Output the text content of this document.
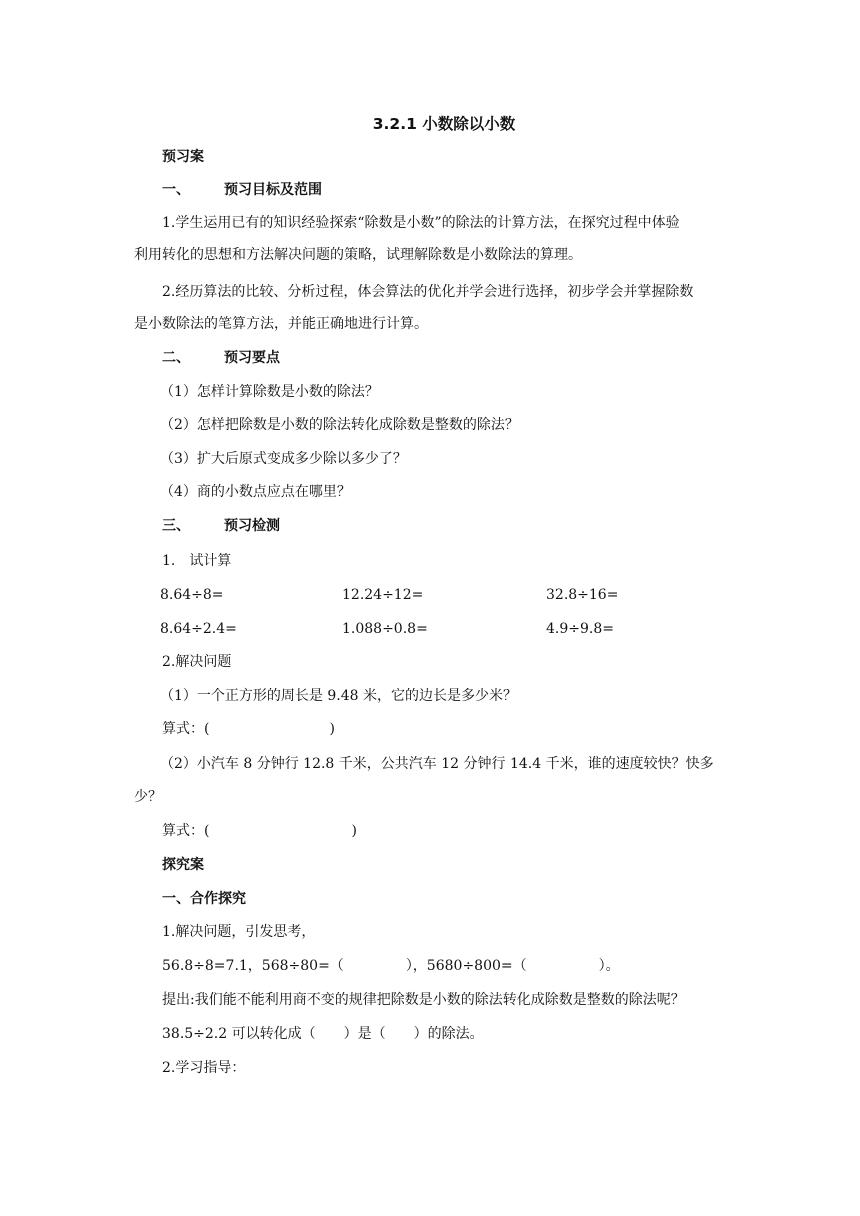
3.2.1 小数除以小数
预习案
一、 预习目标及范围
1.学生运用已有的知识经验探索“除数是小数”的除法的计算方法，在探究过程中体验
利用转化的思想和方法解决问题的策略，试理解除数是小数除法的算理。
2.经历算法的比较、分析过程，体会算法的优化并学会进行选择，初步学会并掌握除数
是小数除法的笔算方法，并能正确地进行计算。
二、 预习要点
（1）怎样计算除数是小数的除法？
（2）怎样把除数是小数的除法转化成除数是整数的除法？
（3）扩大后原式变成多少除以多少了？
（4）商的小数点应点在哪里？
三、 预习检测
1.　试计算
8.64÷8=	12.24÷12=	32.8÷16=
8.64÷2.4=	1.088÷0.8=	4.9÷9.8=
2.解决问题
（1）一个正方形的周长是 9.48 米，它的边长是多少米？
算式：(	)
（2）小汽车 8 分钟行 12.8 千米，公共汽车 12 分钟行 14.4 千米，谁的速度较快？快多
少？
算式：(	)
探究案
一、合作探究
1.解决问题，引发思考，
56.8÷8=7.1，568÷80=（	），5680÷800=（	）。
提出:我们能不能利用商不变的规律把除数是小数的除法转化成除数是整数的除法呢？
38.5÷2.2 可以转化成（ ）是（ ）的除法。
2.学习指导：
